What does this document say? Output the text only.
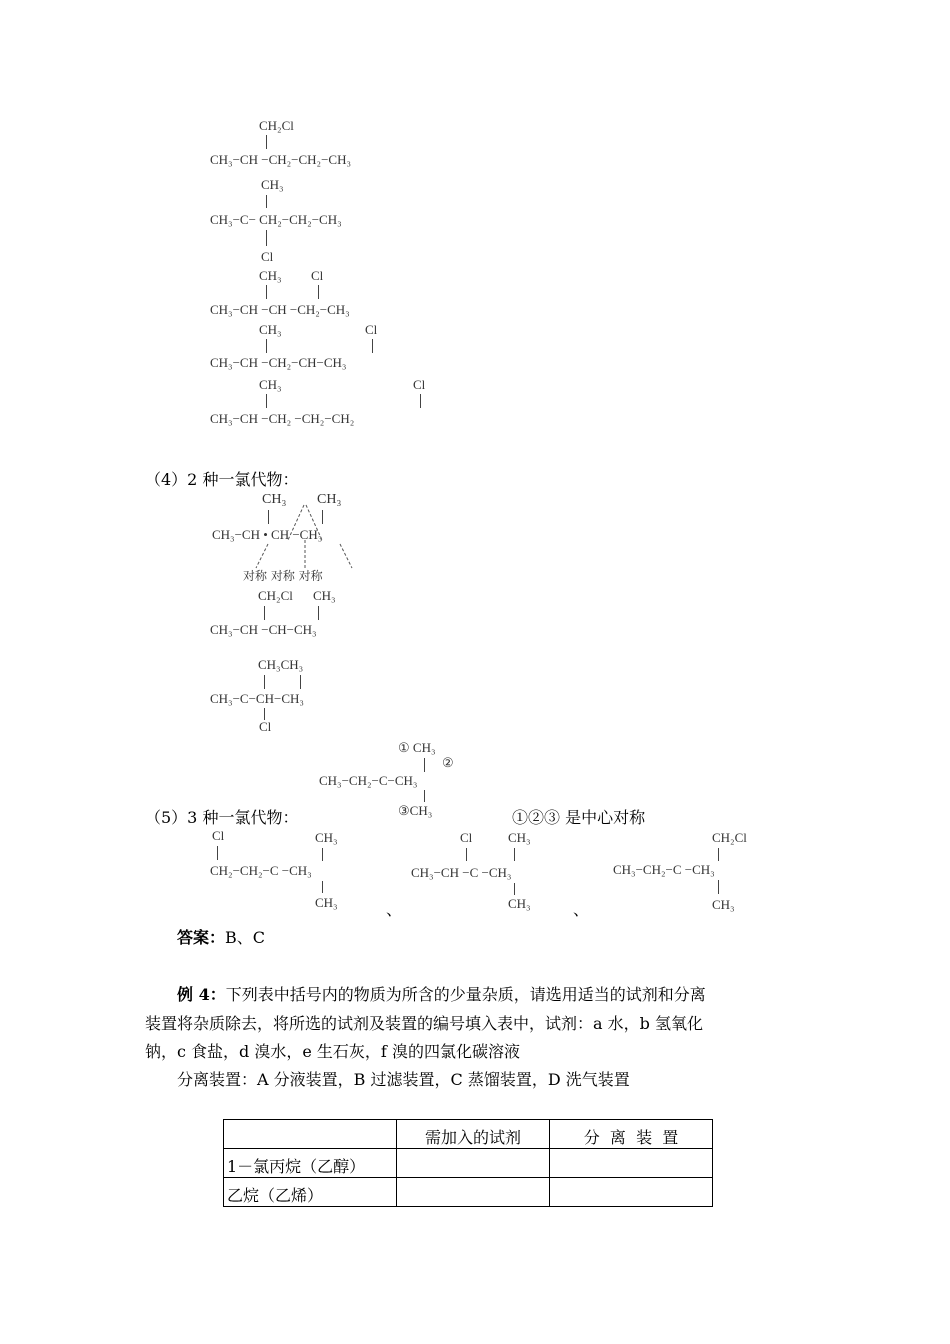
CH₂Cl
CH₃−CH −CH₂−CH₂−CH₃
CH₃
CH₃−C− CH₂−CH₂−CH₃
Cl
CH₃ Cl
CH₃−CH −CH −CH₂−CH₃
CH₃	Cl
CH₃−CH −CH₂−CH−CH₃
CH₃	Cl
CH₃−CH −CH₂ −CH₂−CH₂
（4）2 种一氯代物：
CH₃ CH₃
CH₃−CH • CH −CH₃
对称 对称 对称
CH₂Cl CH₃
CH₃−CH −CH−CH₃
CH₃CH₃
CH₃−C−CH−CH₃
Cl
① CH₃
②
CH₃−CH₂−C−CH₃
③CH₃
（5）3 种一氯代物：	①②③ 是中心对称
Cl	CH₃
CH₂−CH₂−C −CH₃
CH₃	、
Cl	CH₃
CH₃−CH −C −CH₃
CH₃	、
CH₂Cl
CH₃−CH₂−C −CH₃
CH₃
答案：B、C
例 4：下列表中括号内的物质为所含的少量杂质，请选用适当的试剂和分离
装置将杂质除去，将所选的试剂及装置的编号填入表中，试剂：a 水，b 氢氧化
钠，c 食盐，d 溴水，e 生石灰，f 溴的四氯化碳溶液
分离装置：A 分液装置，B 过滤装置，C 蒸馏装置，D 洗气装置
	需加入的试剂	分  离  装  置
1－氯丙烷（乙醇）		
乙烷（乙烯）		
